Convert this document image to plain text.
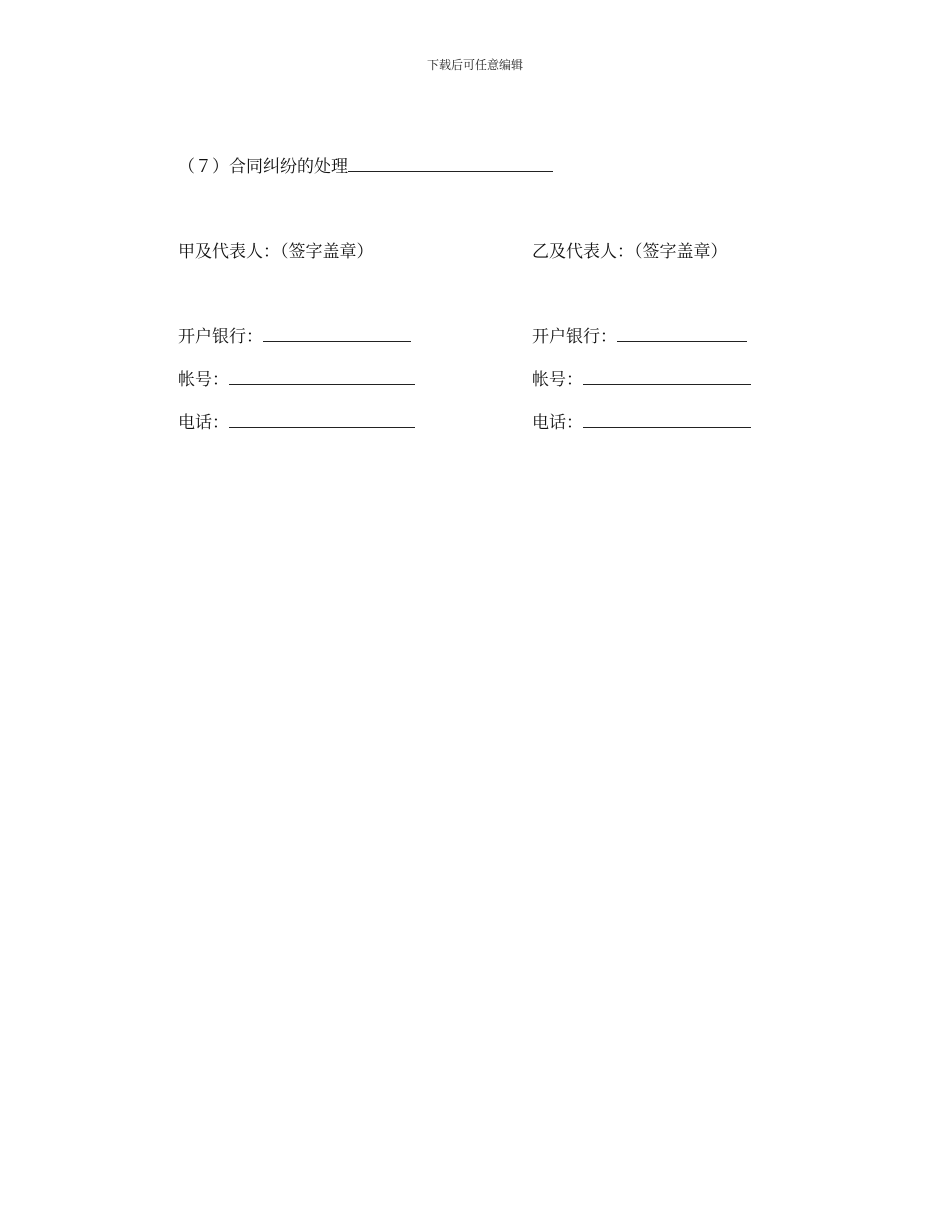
下载后可任意编辑
（７）合同纠纷的处理
甲及代表人：（签字盖章）
开户银行：
帐号：
电话：
乙及代表人：（签字盖章）
开户银行：
帐号：
电话：
